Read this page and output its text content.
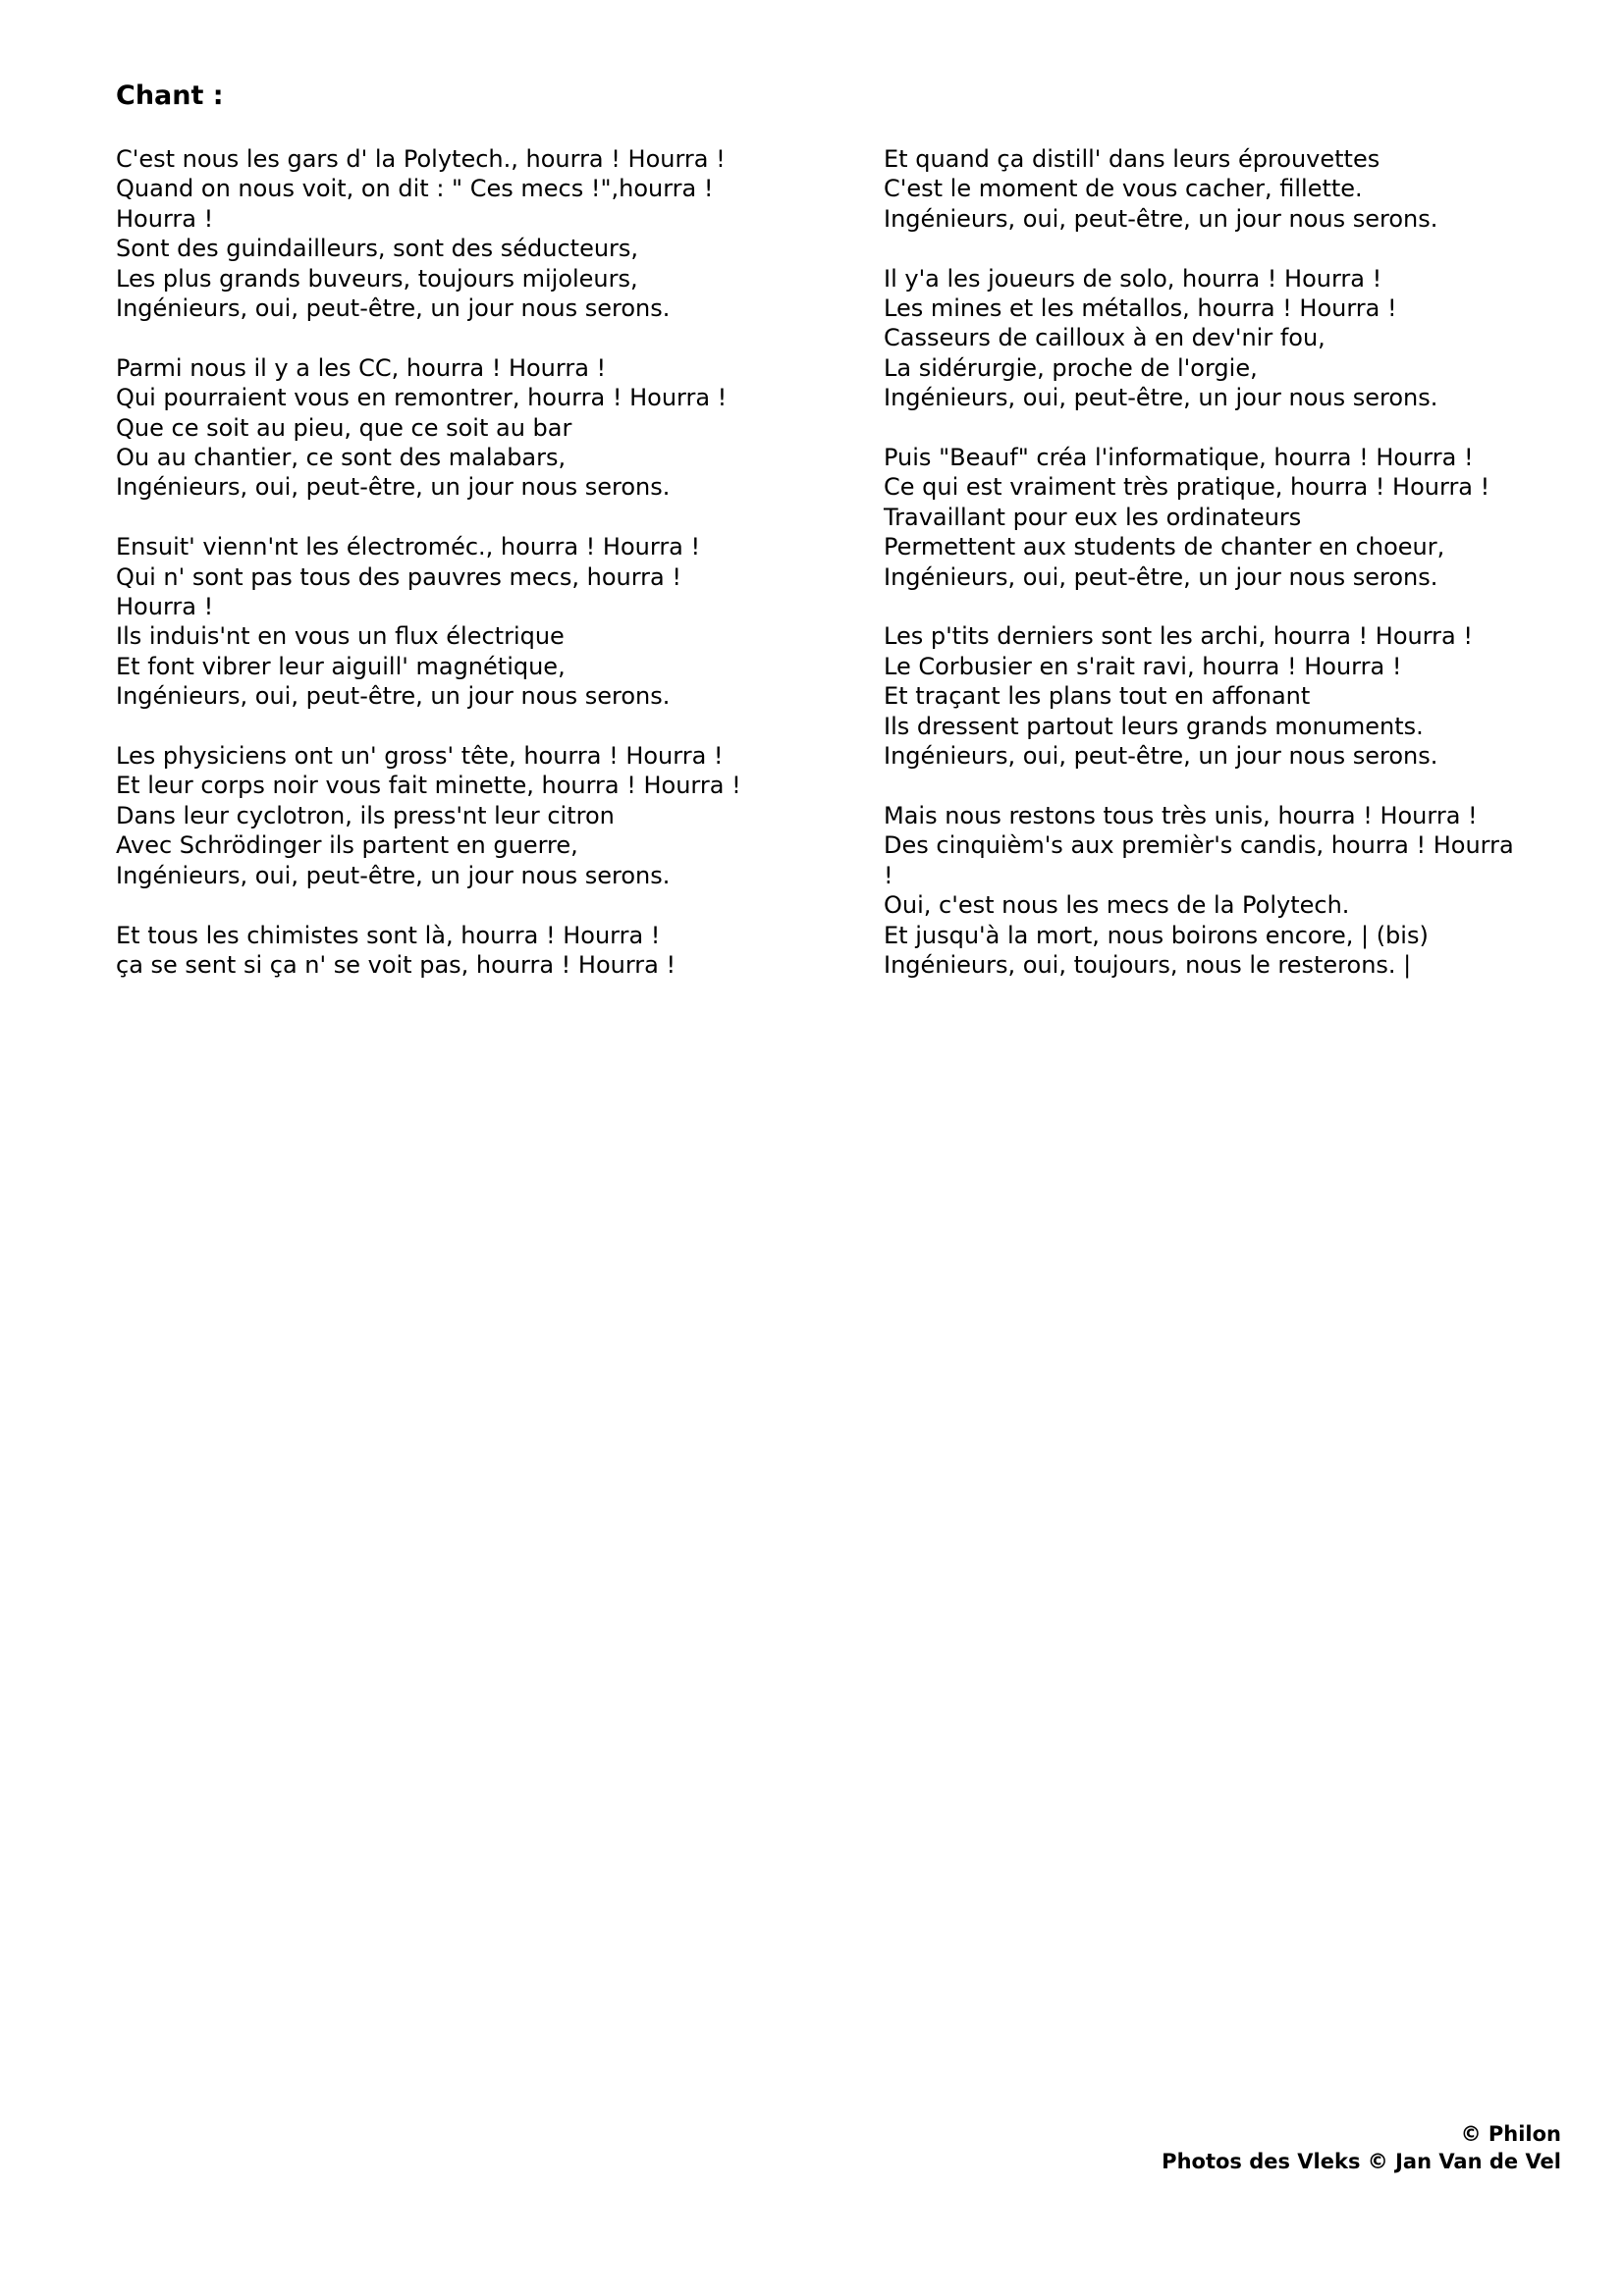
Chant :
C'est nous les gars d' la Polytech., hourra ! Hourra !
Quand on nous voit, on dit : " Ces mecs !",hourra !
Hourra !
Sont des guindailleurs, sont des séducteurs,
Les plus grands buveurs, toujours mijoleurs,
Ingénieurs, oui, peut-être, un jour nous serons.
Parmi nous il y a les CC, hourra ! Hourra !
Qui pourraient vous en remontrer, hourra ! Hourra !
Que ce soit au pieu, que ce soit au bar
Ou au chantier, ce sont des malabars,
Ingénieurs, oui, peut-être, un jour nous serons.
Ensuit' vienn'nt les électroméc., hourra ! Hourra !
Qui n' sont pas tous des pauvres mecs, hourra !
Hourra !
Ils induis'nt en vous un flux électrique
Et font vibrer leur aiguill' magnétique,
Ingénieurs, oui, peut-être, un jour nous serons.
Les physiciens ont un' gross' tête, hourra ! Hourra !
Et leur corps noir vous fait minette, hourra ! Hourra !
Dans leur cyclotron, ils press'nt leur citron
Avec Schrödinger ils partent en guerre,
Ingénieurs, oui, peut-être, un jour nous serons.
Et tous les chimistes sont là, hourra ! Hourra !
ça se sent si ça n' se voit pas, hourra ! Hourra !
Et quand ça distill' dans leurs éprouvettes
C'est le moment de vous cacher, fillette.
Ingénieurs, oui, peut-être, un jour nous serons.
Il y'a les joueurs de solo, hourra ! Hourra !
Les mines et les métallos, hourra ! Hourra !
Casseurs de cailloux à en dev'nir fou,
La sidérurgie, proche de l'orgie,
Ingénieurs, oui, peut-être, un jour nous serons.
Puis "Beauf" créa l'informatique, hourra ! Hourra !
Ce qui est vraiment très pratique, hourra ! Hourra !
Travaillant pour eux les ordinateurs
Permettent aux students de chanter en choeur,
Ingénieurs, oui, peut-être, un jour nous serons.
Les p'tits derniers sont les archi, hourra ! Hourra !
Le Corbusier en s'rait ravi, hourra ! Hourra !
Et traçant les plans tout en affonant
Ils dressent partout leurs grands monuments.
Ingénieurs, oui, peut-être, un jour nous serons.
Mais nous restons tous très unis, hourra ! Hourra !
Des cinquièm's aux premièr's candis, hourra ! Hourra
!
Oui, c'est nous les mecs de la Polytech.
Et jusqu'à la mort, nous boirons encore, | (bis)
Ingénieurs, oui, toujours, nous le resterons. |
© Philon
Photos des Vleks © Jan Van de Vel
